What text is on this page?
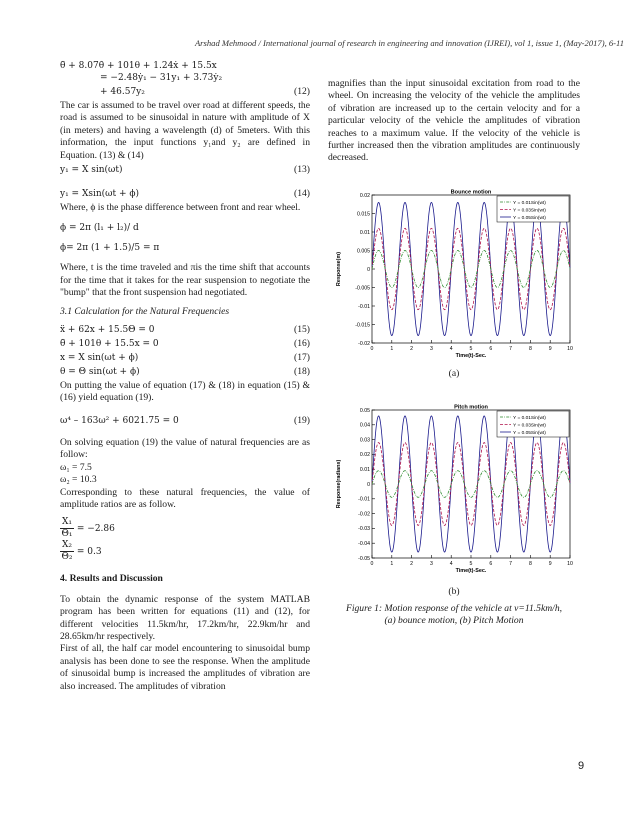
Arshad Mehmood / International journal of research in engineering and innovation (IJREI), vol 1, issue 1, (May-2017), 6-11
θ̈ + 8.07θ̇ + 101θ + 1.24ẋ + 15.5x
= −2.48ẏ₁ − 31y₁ + 3.73ẏ₂
+ 46.57y₂	(12)
The car is assumed to be travel over road at different speeds, the road is assumed to be sinusoidal in nature with amplitude of X (in meters) and having a wavelength (d) of 5meters. With this information, the input functions y₁and y₂ are defined in Equation. (13) & (14)
y₁ = X sin(ωt)	(13)
y₁ = Xsin(ωt + ϕ)	(14)
Where, ϕ is the phase difference between front and rear wheel.
ϕ = 2π (l₁ + l₂)/ d
ϕ= 2π (1 + 1.5)/5 = π
Where, t is the time traveled and πis the time shift that accounts for the time that it takes for the rear suspension to negotiate the "bump" that the front suspension had negotiated.
3.1 Calculation for the Natural Frequencies
ẍ + 62x + 15.5Θ = 0	(15)
θ̈ + 101θ + 15.5x = 0	(16)
x = X sin(ωt + ϕ)	(17)
θ = Θ sin(ωt + ϕ)	(18)
On putting the value of equation (17) & (18) in equation (15) & (16) yield equation (19).
ω⁴ – 163ω² + 6021.75 = 0	(19)
On solving equation (19) the value of natural frequencies are as follow:
ω₁ = 7.5
ω₂ = 10.3
Corresponding to these natural frequencies, the value of amplitude ratios are as follow.
$\frac{\text{X₁}}{\text{Θ₁}} = -2.86$
$\frac{\text{X₂}}{\text{Θ₂}} = 0.3$
4. Results and Discussion
To obtain the dynamic response of the system MATLAB program has been written for equations (11) and (12), for different velocities 11.5km/hr, 17.2km/hr, 22.9km/hr and 28.65km/hr respectively.
First of all, the half car model encountering to sinusoidal bump analysis has been done to see the response. When the amplitude of sinusoidal bump is increased the amplitudes of vibration are also increased. The amplitudes of vibration
magnifies than the input sinusoidal excitation from road to the wheel. On increasing the velocity of the vehicle the amplitudes of vibration are increased up to the certain velocity and for a particular velocity of the vehicle the amplitudes of vibration reaches to a maximum value. If the velocity of the vehicle is further increased then the vibration amplitudes are continuously decreased.
0	1	2	3	4	5	6	7	8	9	10
0.02
0.015
0.01
0.005
0
-0.005
-0.01
-0.015
-0.02
Bounce motion
Time(t)-Sec.
Response(m)
Y = 0.01Sin(wt)
Y = 0.03Sin(wt)
Y = 0.05Sin(wt)
(a)
0	1	2	3	4	5	6	7	8	9	10
0.05
0.04
0.03
0.02
0.01
0
-0.01
-0.02
-0.03
-0.04
-0.05
Pitch motion
Time(t)-Sec.
Response(radians)
Y = 0.01Sin(wt)
Y = 0.03Sin(wt)
Y = 0.05Sin(wt)
(b)
Figure 1: Motion response of the vehicle at v=11.5km/h, (a) bounce motion, (b) Pitch Motion
9
